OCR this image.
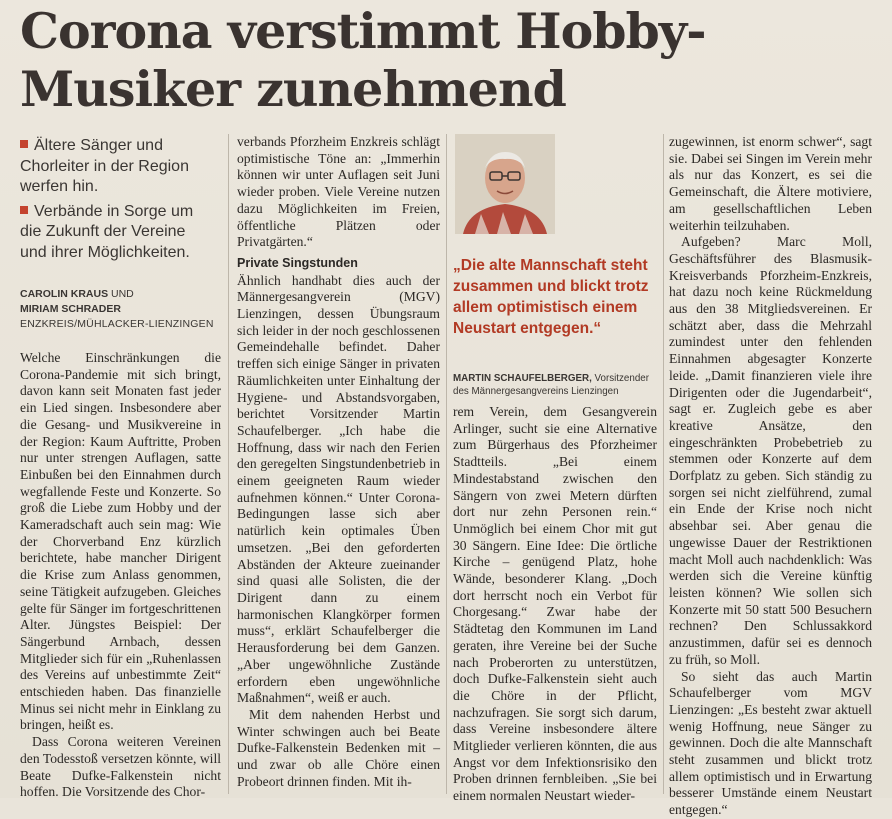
Corona verstimmt Hobby-Musiker zunehmend
Ältere Sänger und Chorleiter in der Region werfen hin.
Verbände in Sorge um die Zukunft der Vereine und ihrer Möglichkeiten.
CAROLIN KRAUS UND
MIRIAM SCHRADER
ENZKREIS/MÜHLACKER-LIENZINGEN

Welche Einschränkungen die Corona-Pandemie mit sich bringt, davon kann seit Monaten fast jeder ein Lied singen. Insbesondere aber die Gesang- und Musikvereine in der Region: Kaum Auftritte, Proben nur unter strengen Auflagen, satte Einbußen bei den Einnahmen durch wegfallende Feste und Konzerte. So groß die Liebe zum Hobby und der Kameradschaft auch sein mag: Wie der Chorverband Enz kürzlich berichtete, habe mancher Dirigent die Krise zum Anlass genommen, seine Tätigkeit aufzugeben. Gleiches gelte für Sänger im fortgeschrittenen Alter. Jüngstes Beispiel: Der Sängerbund Arnbach, dessen Mitglieder sich für ein „Ruhenlassen des Vereins auf unbestimmte Zeit“ entschieden haben. Das finanzielle Minus sei nicht mehr in Einklang zu bringen, heißt es.

Dass Corona weiteren Vereinen den Todesstoß versetzen könnte, will Beate Dufke-Falkenstein nicht hoffen. Die Vorsitzende des Chor-

verbands Pforzheim Enzkreis schlägt optimistische Töne an: „Immerhin können wir unter Auflagen seit Juni wieder proben. Viele Vereine nutzen dazu Möglichkeiten im Freien, öffentliche Plätzen oder Privatgärten.“

Private Singstunden

Ähnlich handhabt dies auch der Männergesangverein (MGV) Lienzingen, dessen Übungsraum sich leider in der noch geschlossenen Gemeindehalle befindet. Daher treffen sich einige Sänger in privaten Räumlichkeiten unter Einhaltung der Hygiene- und Abstandsvorgaben, berichtet Vorsitzender Martin Schaufelberger. „Ich habe die Hoffnung, dass wir nach den Ferien den geregelten Singstundenbetrieb in einem geeigneten Raum wieder aufnehmen können.“ Unter Corona-Bedingungen lasse sich aber natürlich kein optimales Üben umsetzen. „Bei den geforderten Abständen der Akteure zueinander sind quasi alle Solisten, die der Dirigent dann zu einem harmonischen Klangkörper formen muss“, erklärt Schaufelberger die Herausforderung bei dem Ganzen. „Aber ungewöhnliche Zustände erfordern eben ungewöhnliche Maßnahmen“, weiß er auch.

Mit dem nahenden Herbst und Winter schwingen auch bei Beate Dufke-Falkenstein Bedenken mit – und zwar ob alle Chöre einen Probeort drinnen finden. Mit ih-

„Die alte Mannschaft steht zusammen und blickt trotz allem optimistisch einem Neustart entgegen.“
MARTIN SCHAUFELBERGER, Vorsitzender des Männergesangvereins Lienzingen

rem Verein, dem Gesangverein Arlinger, sucht sie eine Alternative zum Bürgerhaus des Pforzheimer Stadtteils. „Bei einem Mindestabstand zwischen den Sängern von zwei Metern dürften dort nur zehn Personen rein.“ Unmöglich bei einem Chor mit gut 30 Sängern. Eine Idee: Die örtliche Kirche – genügend Platz, hohe Wände, besonderer Klang. „Doch dort herrscht noch ein Verbot für Chorgesang.“ Zwar habe der Städtetag den Kommunen im Land geraten, ihre Vereine bei der Suche nach Proberorten zu unterstützen, doch Dufke-Falkenstein sieht auch die Chöre in der Pflicht, nachzufragen. Sie sorgt sich darum, dass Vereine insbesondere ältere Mitglieder verlieren könnten, die aus Angst vor dem Infektionsrisiko den Proben drinnen fernbleiben. „Sie bei einem normalen Neustart wieder-

zugewinnen, ist enorm schwer“, sagt sie. Dabei sei Singen im Verein mehr als nur das Konzert, es sei die Gemeinschaft, die Ältere motiviere, am gesellschaftlichen Leben weiterhin teilzuhaben.

Aufgeben? Marc Moll, Geschäftsführer des Blasmusik-Kreisverbands Pforzheim-Enzkreis, hat dazu noch keine Rückmeldung aus den 38 Mitgliedsvereinen. Er schätzt aber, dass die Mehrzahl zumindest unter den fehlenden Einnahmen abgesagter Konzerte leide. „Damit finanzieren viele ihre Dirigenten oder die Jugendarbeit“, sagt er. Zugleich gebe es aber kreative Ansätze, den eingeschränkten Probebetrieb zu stemmen oder Konzerte auf dem Dorfplatz zu geben. Sich ständig zu sorgen sei nicht zielführend, zumal ein Ende der Krise noch nicht absehbar sei. Aber genau die ungewisse Dauer der Restriktionen macht Moll auch nachdenklich: Was werden sich die Vereine künftig leisten können? Wie sollen sich Konzerte mit 50 statt 500 Besuchern rechnen? Den Schlussakkord anzustimmen, dafür sei es dennoch zu früh, so Moll.

So sieht das auch Martin Schaufelberger vom MGV Lienzingen: „Es besteht zwar aktuell wenig Hoffnung, neue Sänger zu gewinnen. Doch die alte Mannschaft steht zusammen und blickt trotz allem optimistisch und in Erwartung besserer Umstände einem Neustart entgegen.“
